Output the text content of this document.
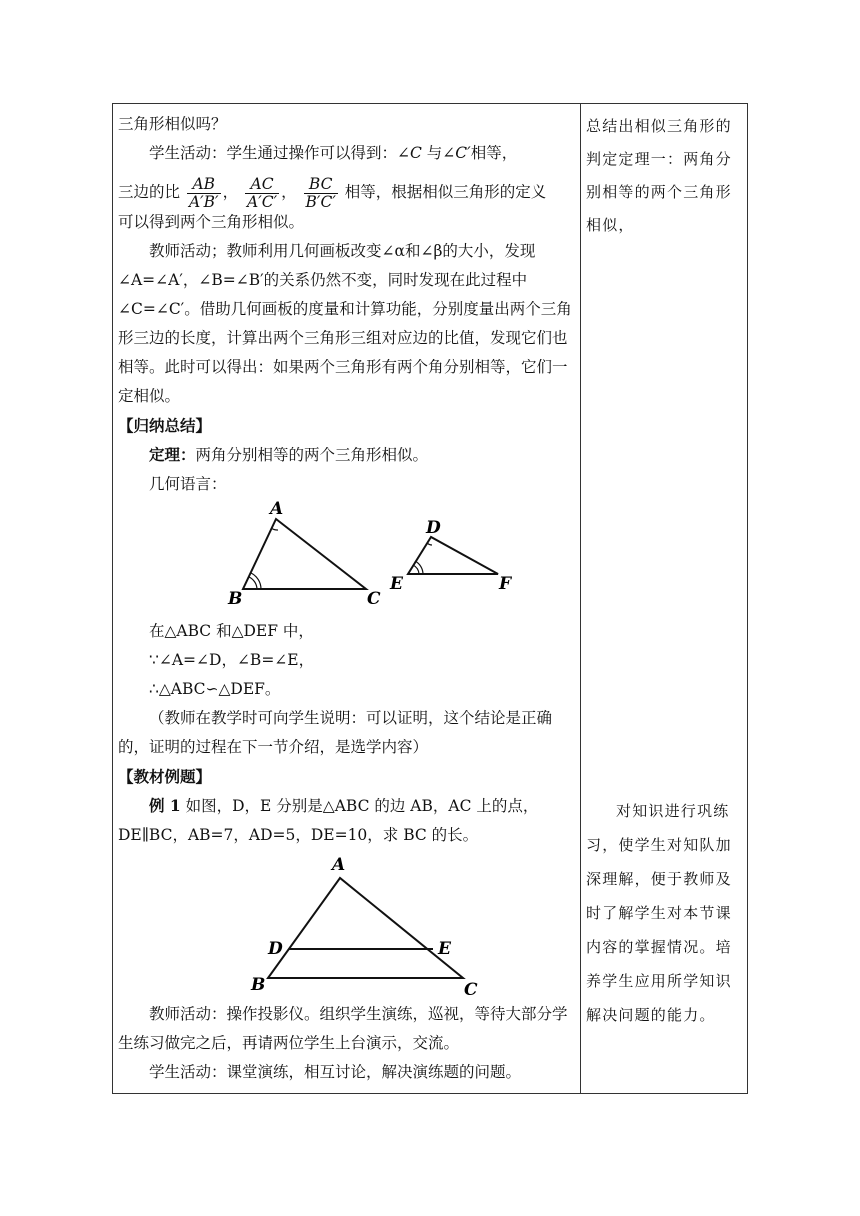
三角形相似吗？

学生活动：学生通过操作可以得到：∠C 与∠C′相等，

三边的比 $\frac{AB}{A'B'}$ ， $\frac{AC}{A'C'}$ ， $\frac{BC}{B'C'}$ 相等，根据相似三角形的定义

可以得到两个三角形相似。

教师活动；教师利用几何画板改变∠α和∠β的大小，发现∠A=∠A′，∠B=∠B′的关系仍然不变，同时发现在此过程中∠C=∠C′。借助几何画板的度量和计算功能，分别度量出两个三角形三边的长度，计算出两个三角形三组对应边的比值，发现它们也相等。此时可以得出：如果两个三角形有两个角分别相等，它们一定相似。

【归纳总结】

定理：两角分别相等的两个三角形相似。

几何语言：

A
B	C
D
E	F

在△ABC 和△DEF 中，

∵∠A=∠D，∠B=∠E，

∴△ABC∽△DEF。

（教师在教学时可向学生说明：可以证明，这个结论是正确的，证明的过程在下一节介绍，是选学内容）

【教材例题】

例 1 如图，D，E 分别是△ABC 的边 AB，AC 上的点，DE∥BC，AB=7，AD=5，DE=10，求 BC 的长。

A
D	E
B	C

教师活动：操作投影仪。组织学生演练，巡视，等待大部分学生练习做完之后，再请两位学生上台演示，交流。

学生活动：课堂演练，相互讨论，解决演练题的问题。

总结出相似三角形的判定定理一：两角分别相等的两个三角形相似，
对知识进行巩练习，使学生对知队加深理解，便于教师及时了解学生对本节课内容的掌握情况。培养学生应用所学知识解决问题的能力。
